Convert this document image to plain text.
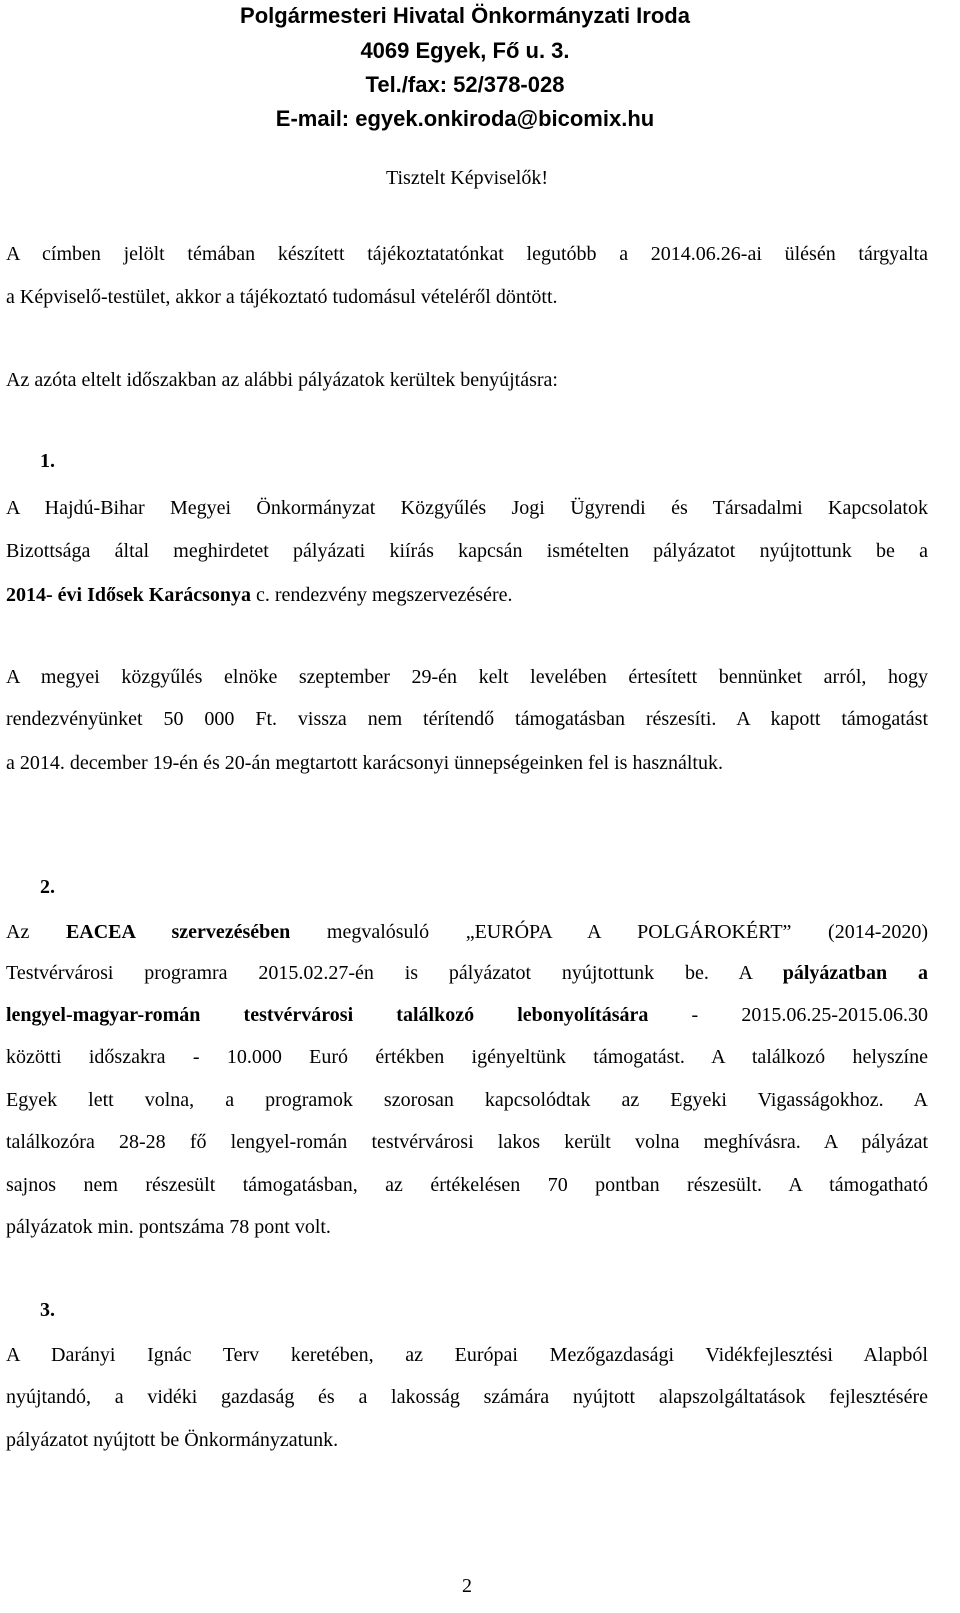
Polgármesteri Hivatal Önkormányzati Iroda
4069 Egyek, Fő u. 3.
Tel./fax: 52/378-028
E-mail: egyek.onkiroda@bicomix.hu
Tisztelt Képviselők!
A címben jelölt témában készített tájékoztatatónkat legutóbb a 2014.06.26-ai ülésén tárgyalta
a Képviselő-testület, akkor a tájékoztató tudomásul vételéről döntött.
Az azóta eltelt időszakban az alábbi pályázatok kerültek benyújtásra:
1.
A Hajdú-Bihar Megyei Önkormányzat Közgyűlés Jogi Ügyrendi és Társadalmi Kapcsolatok
Bizottsága által meghirdetet pályázati kiírás kapcsán ismételten pályázatot nyújtottunk be a
2014- évi Idősek Karácsonya c. rendezvény megszervezésére.
A megyei közgyűlés elnöke szeptember 29-én kelt levelében értesített bennünket arról, hogy
rendezvényünket 50 000 Ft. vissza nem térítendő támogatásban részesíti. A kapott támogatást
a 2014. december 19-én és 20-án megtartott karácsonyi ünnepségeinken fel is használtuk.
2.
Az EACEA szervezésében megvalósuló „EURÓPA A POLGÁROKÉRT” (2014-2020)
Testvérvárosi programra 2015.02.27-én is pályázatot nyújtottunk be. A pályázatban a
lengyel-magyar-román testvérvárosi találkozó lebonyolítására - 2015.06.25-2015.06.30
közötti időszakra - 10.000 Euró értékben igényeltünk támogatást. A találkozó helyszíne
Egyek lett volna, a programok szorosan kapcsolódtak az Egyeki Vigasságokhoz. A
találkozóra 28-28 fő lengyel-román testvérvárosi lakos került volna meghívásra. A pályázat
sajnos nem részesült támogatásban, az értékelésen 70 pontban részesült. A támogatható
pályázatok min. pontszáma 78 pont volt.
3.
A Darányi Ignác Terv keretében, az Európai Mezőgazdasági Vidékfejlesztési Alapból
nyújtandó, a vidéki gazdaság és a lakosság számára nyújtott alapszolgáltatások fejlesztésére
pályázatot nyújtott be Önkormányzatunk.
2
